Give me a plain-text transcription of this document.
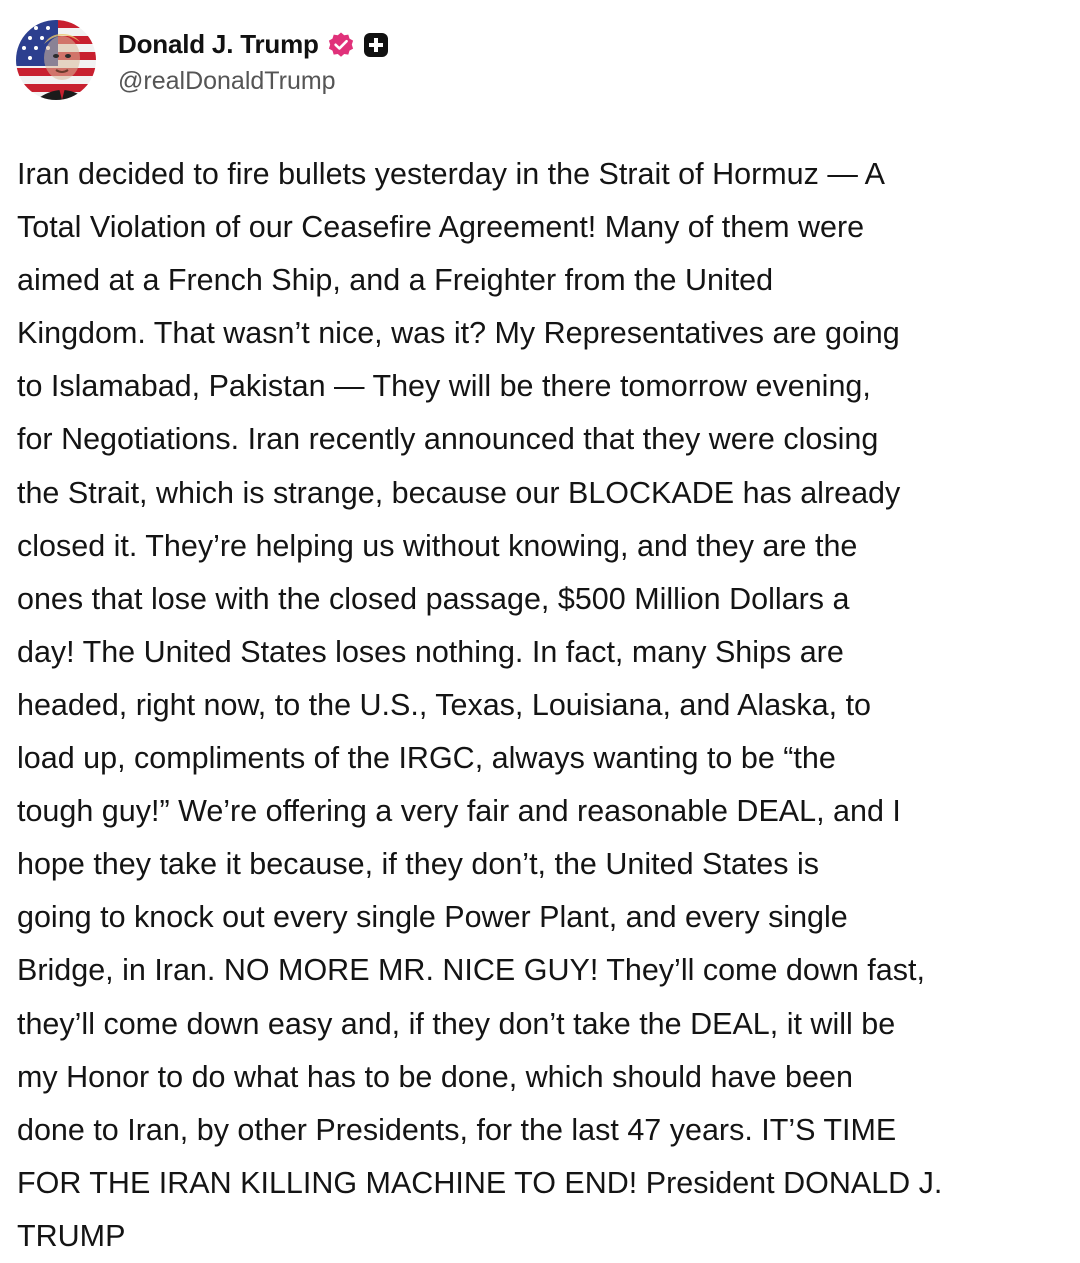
Donald J. Trump
@realDonaldTrump
Iran decided to fire bullets yesterday in the Strait of Hormuz — A
Total Violation of our Ceasefire Agreement! Many of them were
aimed at a French Ship, and a Freighter from the United
Kingdom. That wasn’t nice, was it? My Representatives are going
to Islamabad, Pakistan — They will be there tomorrow evening,
for Negotiations. Iran recently announced that they were closing
the Strait, which is strange, because our BLOCKADE has already
closed it. They’re helping us without knowing, and they are the
ones that lose with the closed passage, $500 Million Dollars a
day! The United States loses nothing. In fact, many Ships are
headed, right now, to the U.S., Texas, Louisiana, and Alaska, to
load up, compliments of the IRGC, always wanting to be “the
tough guy!” We’re offering a very fair and reasonable DEAL, and I
hope they take it because, if they don’t, the United States is
going to knock out every single Power Plant, and every single
Bridge, in Iran. NO MORE MR. NICE GUY! They’ll come down fast,
they’ll come down easy and, if they don’t take the DEAL, it will be
my Honor to do what has to be done, which should have been
done to Iran, by other Presidents, for the last 47 years. IT’S TIME
FOR THE IRAN KILLING MACHINE TO END! President DONALD J.
TRUMP
